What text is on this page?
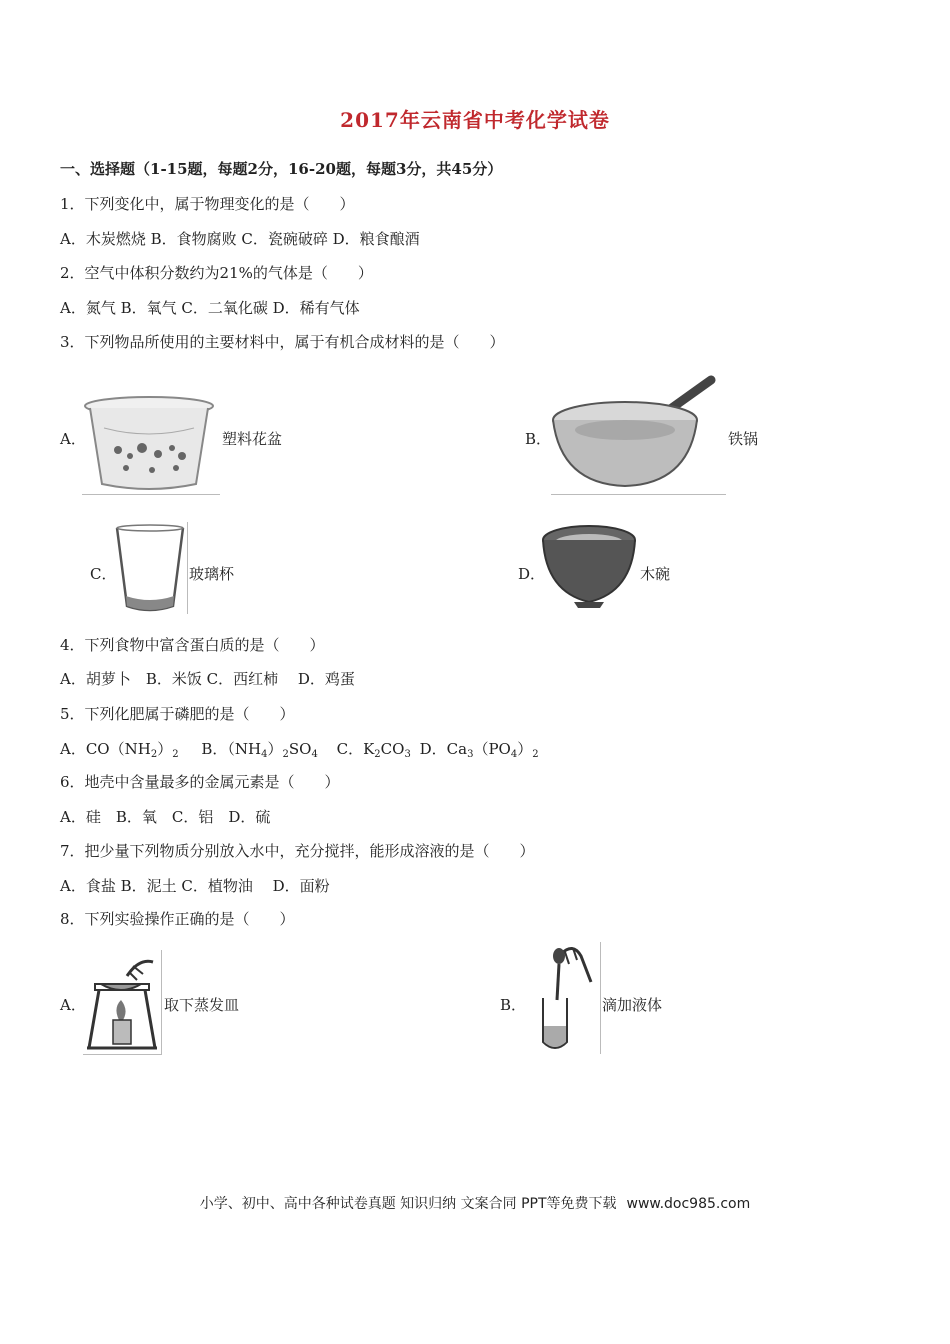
2017年云南省中考化学试卷
一、选择题（1-15题，每题2分，16-20题，每题3分，共45分）
1．下列变化中，属于物理变化的是（　　）
A．木炭燃烧 B．食物腐败 C．瓷碗破碎 D．粮食酿酒
2．空气中体积分数约为21%的气体是（　　）
A．氮气 B．氧气 C．二氧化碳 D．稀有气体
3．下列物品所使用的主要材料中，属于有机合成材料的是（　　）
A．	塑料花盆	B．	铁锅
C．	玻璃杯	D．	木碗
4．下列食物中富含蛋白质的是（　　）
A．胡萝卜　B．米饭 C．西红柿　 D．鸡蛋
5．下列化肥属于磷肥的是（　　）
A．$CO(NH_2)_2$ B．$(NH_4)_2SO_4$ C．$K_2CO_3$ D．$Ca_3(PO_4)_2$
6．地壳中含量最多的金属元素是（　　）
A．硅　B．氧　C．铝　D．硫
7．把少量下列物质分别放入水中，充分搅拌，能形成溶液的是（　　）
A．食盐 B．泥土 C．植物油　 D．面粉
8．下列实验操作正确的是（　　）
A．	取下蒸发皿	B．	滴加液体
小学、初中、高中各种试卷真题 知识归纳 文案合同 PPT等免费下载 www.doc985.com
